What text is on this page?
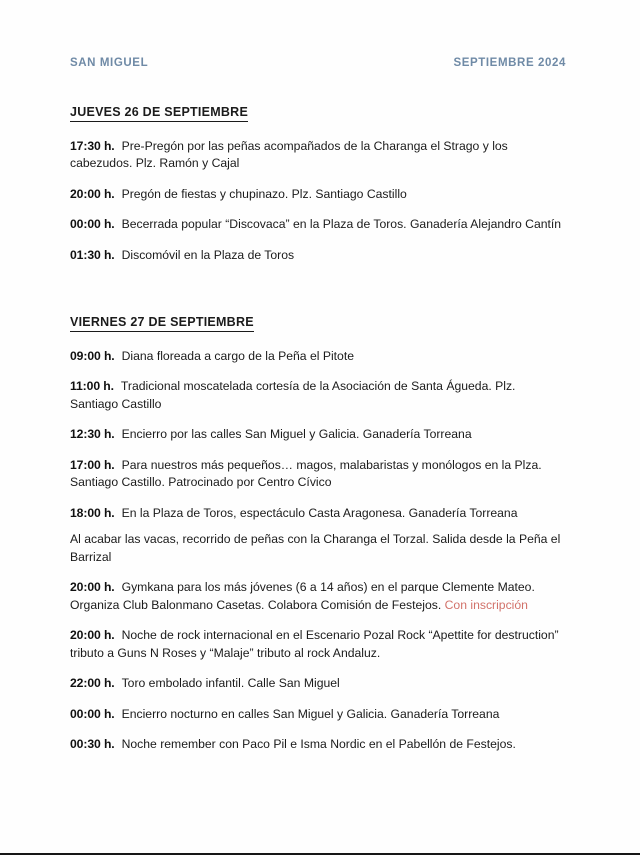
SAN MIGUEL	SEPTIEMBRE 2024
JUEVES 26 DE SEPTIEMBRE
17:30 h. Pre-Pregón por las peñas acompañados de la Charanga el Strago y los cabezudos. Plz. Ramón y Cajal
20:00 h. Pregón de fiestas y chupinazo. Plz. Santiago Castillo
00:00 h. Becerrada popular “Discovaca” en la Plaza de Toros. Ganadería Alejandro Cantín
01:30 h. Discomóvil en la Plaza de Toros
VIERNES 27 DE SEPTIEMBRE
09:00 h. Diana floreada a cargo de la Peña el Pitote
11:00 h. Tradicional moscatelada cortesía de la Asociación de Santa Águeda. Plz. Santiago Castillo
12:30 h. Encierro por las calles San Miguel y Galicia. Ganadería Torreana
17:00 h. Para nuestros más pequeños… magos, malabaristas y monólogos en la Plza. Santiago Castillo. Patrocinado por Centro Cívico
18:00 h. En la Plaza de Toros, espectáculo Casta Aragonesa. Ganadería Torreana
Al acabar las vacas, recorrido de peñas con la Charanga el Torzal. Salida desde la Peña el Barrizal
20:00 h. Gymkana para los más jóvenes (6 a 14 años) en el parque Clemente Mateo. Organiza Club Balonmano Casetas. Colabora Comisión de Festejos. Con inscripción
20:00 h. Noche de rock internacional en el Escenario Pozal Rock “Apettite for destruction” tributo a Guns N Roses y “Malaje” tributo al rock Andaluz.
22:00 h. Toro embolado infantil. Calle San Miguel
00:00 h. Encierro nocturno en calles San Miguel y Galicia. Ganadería Torreana
00:30 h. Noche remember con Paco Pil e Isma Nordic en el Pabellón de Festejos.
